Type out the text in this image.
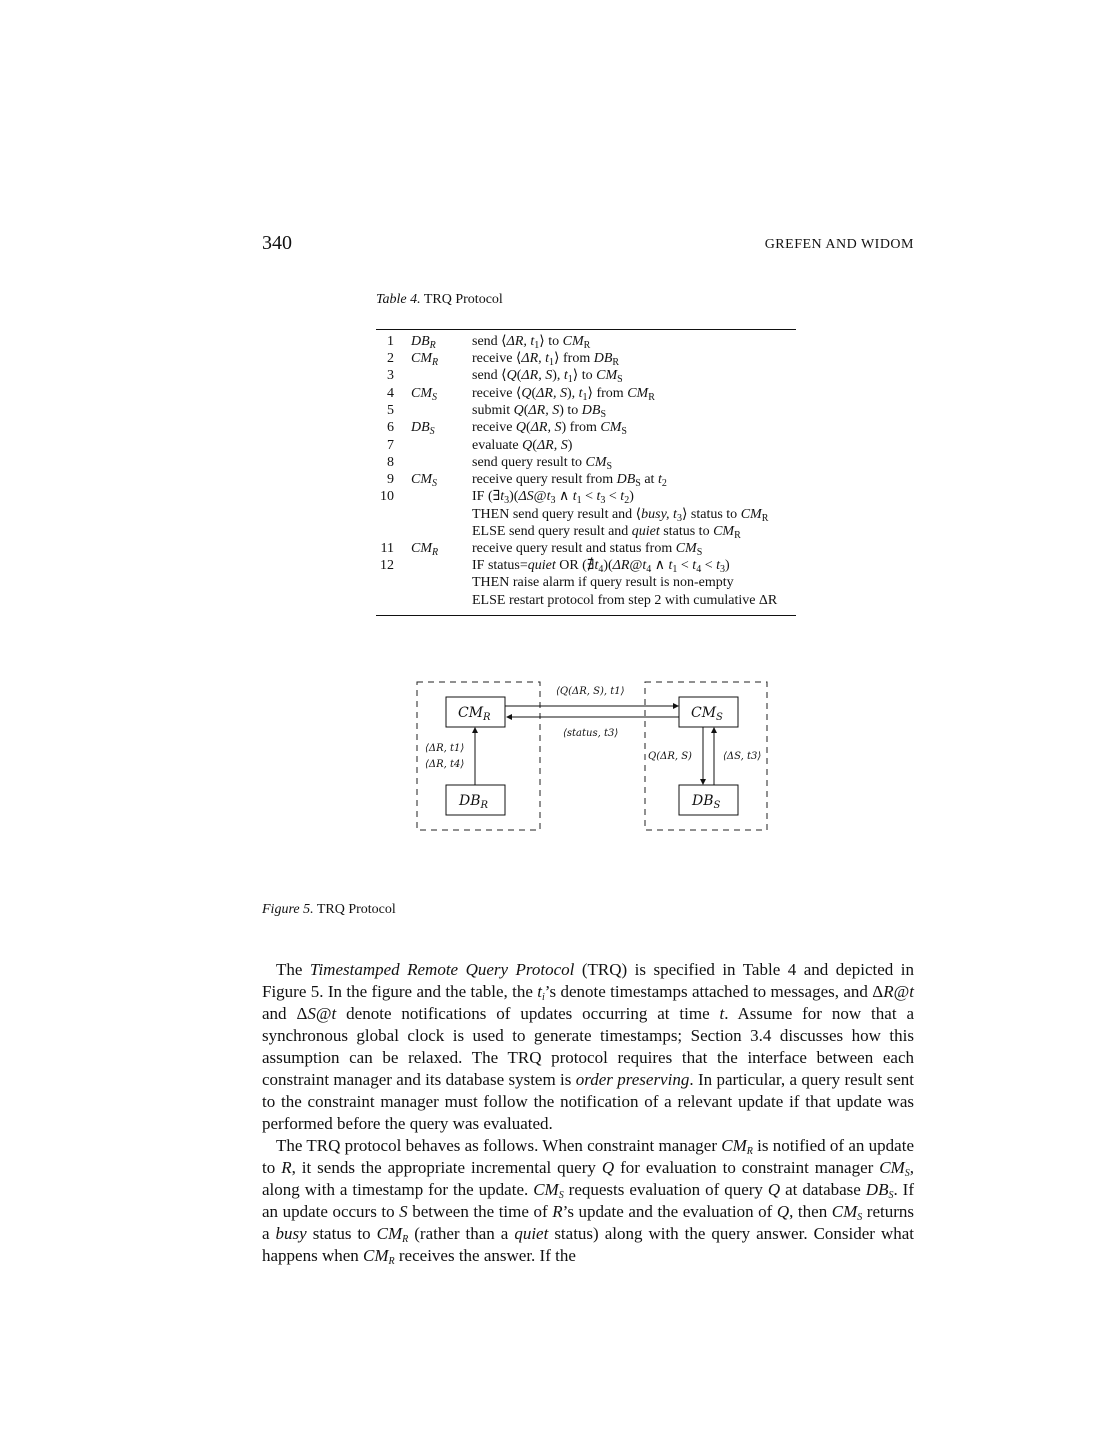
340	GREFEN AND WIDOM
Table 4. TRQ Protocol
1 $DB_R$	send ⟨ΔR, $t_1⟩$ to $CM_R$
2 $CM_R$ receive ⟨ΔR, $t_1⟩$ from $DB_R$
3	send ⟨Q(ΔR, S), $t_1⟩$ to $CM_S$
4 $CM_S$	receive ⟨Q(ΔR, S), $t_1⟩$ from $CM_R$
5	submit Q(ΔR, S) to $DB_S$
6 $DB_S$	receive Q(ΔR, S) from $CM_S$
7	evaluate Q(ΔR, S)
8	send query result to $CM_S$
9 $CM_S$	receive query result from $DB_S$ at $t_2$
10	IF $(\exists t_3)(\Delta S@t_3$ ∧ $t_1 < t_3 < t_2$)
THEN send query result and ⟨busy, $t_3⟩$ status to $CM_R$
ELSE send query result and quiet status to $CM_R$
11 $CM_R$ receive query result and status from $CM_S$
12	IF status=quiet OR $(∄t_4)(\Delta R@t_4$ ∧ $t_1 < t_4 < t_3$)
THEN raise alarm if query result is non-empty
ELSE restart protocol from step 2 with cumulative ΔR
$CM_R$	$CM_S$
$DB_R$	$DB_S$
⟨Q(ΔR, S), t1⟩
⟨status, t3⟩
⟨ΔR, t1⟩
⟨ΔR, t4⟩
Q(ΔR, S)	⟨ΔS, t3⟩
Figure 5. TRQ Protocol

The Timestamped Remote Query Protocol (TRQ) is specified in Table 4 and depicted in Figure 5. In the figure and the table, the $t_i’s$ denote timestamps attached to messages, and ΔR@t and ΔS@t denote notifications of updates occurring at time t. Assume for now that a synchronous global clock is used to generate timestamps; Section 3.4 discusses how this assumption can be relaxed. The TRQ protocol requires that the interface between each constraint manager and its database system is order preserving. In particular, a query result sent to the constraint manager must follow the notification of a relevant update if that update was performed before the query was evaluated.

The TRQ protocol behaves as follows. When constraint manager $CM_R$ is notified of an update to R, it sends the appropriate incremental query Q for evaluation to constraint manager $CM_S$, along with a timestamp for the update. $CM_S$ requests evaluation of query Q at database $DB_S$. If an update occurs to S between the time of R’s update and the evaluation of Q, then $CM_S$ returns a busy status to $CM_R$ (rather than a quiet status) along with the query answer. Consider what happens when $CM_R$ receives the answer. If the
